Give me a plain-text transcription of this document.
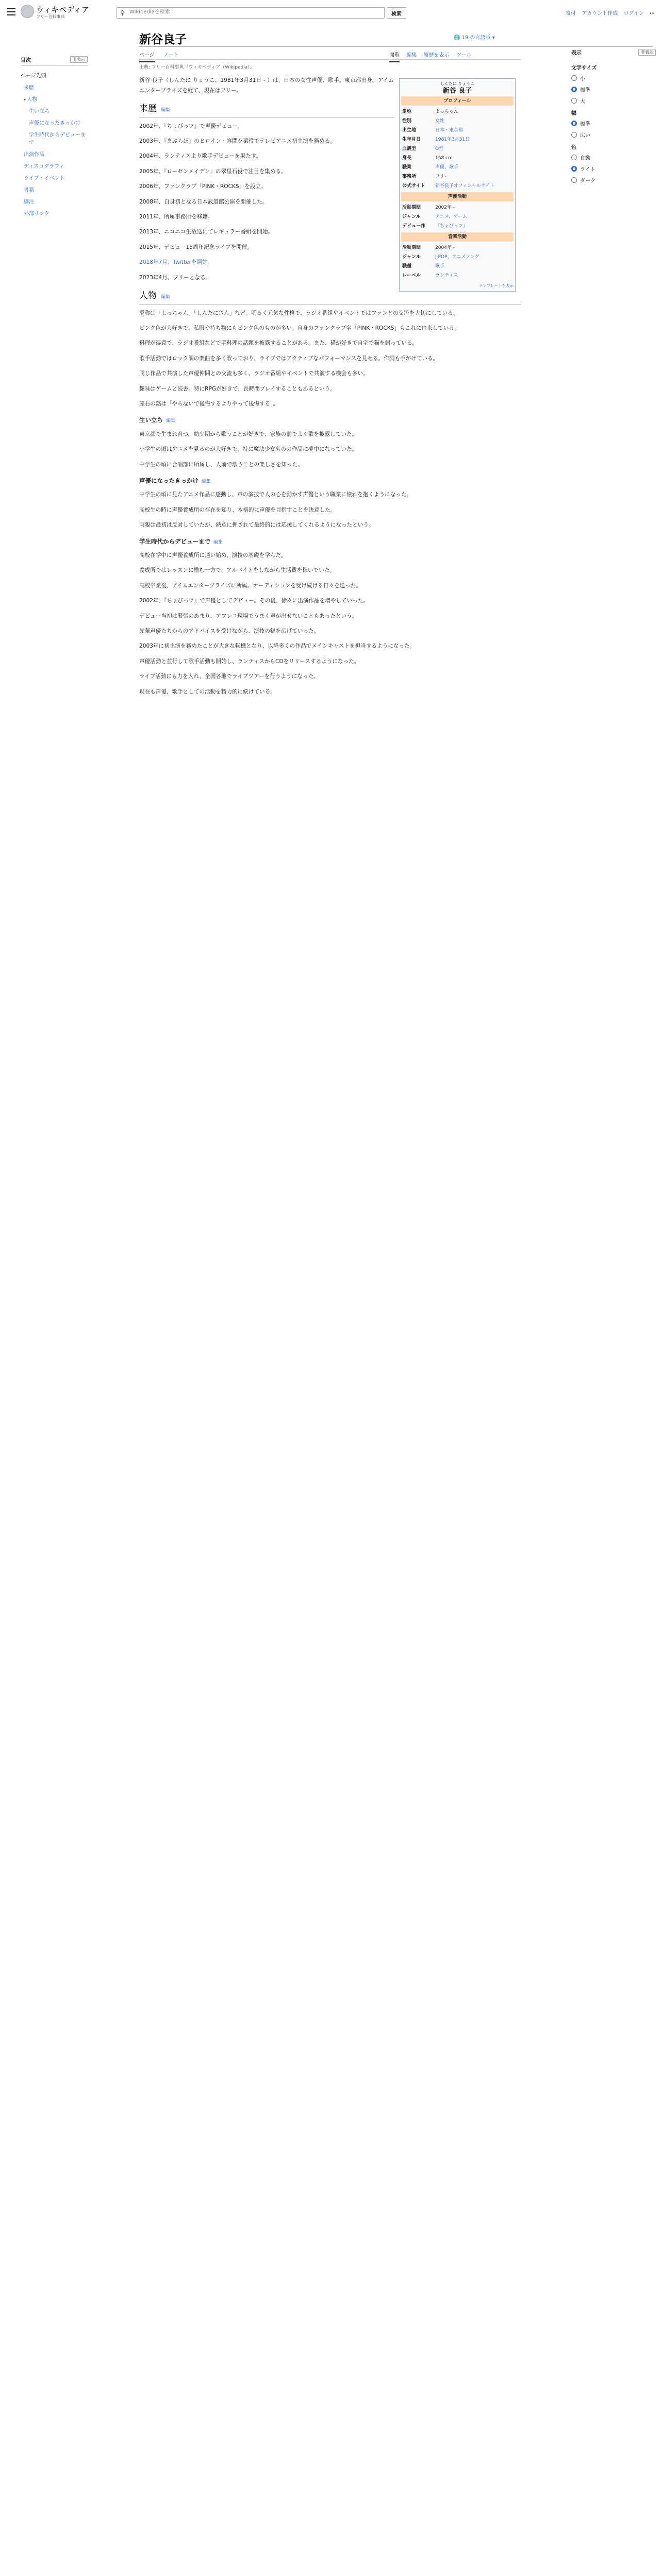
ウィキペディア
フリー百科事典
⚲
Wikipediaを検索	検索	寄付 アカウント作成 ログイン ⋯
目次	非表示
ページ先頭
来歴
▾ 人物
生い立ち
声優になったきっかけ
学生時代からデビューまで
出演作品
ディスコグラフィ
ライブ・イベント
書籍
脚注
外部リンク
新谷良子	🌐 19 の言語版 ▾
ページ ノート	閲覧 編集 履歴を表示 ツール	表示	非表示
文字サイズ
小
標準
大
幅
標準
広い
色
自動
ライト
ダーク
しんたに りょうこ
新谷 良子
プロフィール
愛称	よっちゃん
性別	女性
出生地	日本・東京都
生年月日	1981年3月31日
血液型	O型
身長	158 cm
職業	声優、歌手
事務所	フリー
公式サイト	新谷良子オフィシャルサイト
声優活動
活動期間	2002年 -
ジャンル	アニメ、ゲーム
デビュー作	『ちょびっツ』
音楽活動
活動期間	2004年 -
ジャンル	J-POP、アニメソング
職種	歌手
レーベル	ランティス
テンプレートを表示
出典: フリー百科事典『ウィキペディア（Wikipedia）』

新谷 良子（しんたに りょうこ、1981年3月31日 - ）は、日本の女性声優、歌手。東京都出身。アイムエンタープライズを経て、現在はフリー。

来歴 編集

2002年、『ちょびっツ』で声優デビュー。

2003年、『まぶらほ』のヒロイン・宮間夕菜役でテレビアニメ初主演を務める。

2004年、ランティスより歌手デビューを果たす。

2005年、『ローゼンメイデン』の翠星石役で注目を集める。

2006年、ファンクラブ「PINK・ROCKS」を設立。

2008年、自身初となる日本武道館公演を開催した。

2011年、所属事務所を移籍。

2013年、ニコニコ生放送にてレギュラー番組を開始。

2015年、デビュー15周年記念ライブを開催。

2018年7月、Twitterを開始。

2023年4月、フリーとなる。

人物 編集

愛称は「よっちゃん」「しんたにさん」など。明るく元気な性格で、ラジオ番組やイベントではファンとの交流を大切にしている。

ピンク色が大好きで、私服や持ち物にもピンク色のものが多い。自身のファンクラブ名「PINK・ROCKS」もこれに由来している。

料理が得意で、ラジオ番組などで手料理の話題を披露することがある。また、猫が好きで自宅で猫を飼っている。

歌手活動ではロック調の楽曲を多く歌っており、ライブではアクティブなパフォーマンスを見せる。作詞も手がけている。

同じ作品で共演した声優仲間との交流も多く、ラジオ番組やイベントで共演する機会も多い。

趣味はゲームと読書。特にRPGが好きで、長時間プレイすることもあるという。

座右の銘は「やらないで後悔するよりやって後悔する」。

生い立ち 編集

東京都で生まれ育つ。幼少期から歌うことが好きで、家族の前でよく歌を披露していた。

小学生の頃はアニメを見るのが大好きで、特に魔法少女ものの作品に夢中になっていた。

中学生の頃に合唱部に所属し、人前で歌うことの楽しさを知った。

声優になったきっかけ 編集

中学生の頃に見たアニメ作品に感動し、声の演技で人の心を動かす声優という職業に憧れを抱くようになった。

高校生の時に声優養成所の存在を知り、本格的に声優を目指すことを決意した。

両親は最初は反対していたが、熱意に押されて最終的には応援してくれるようになったという。

学生時代からデビューまで 編集

高校在学中に声優養成所に通い始め、演技の基礎を学んだ。

養成所ではレッスンに励む一方で、アルバイトをしながら生活費を稼いでいた。

高校卒業後、アイムエンタープライズに所属。オーディションを受け続ける日々を送った。

2002年、『ちょびっツ』で声優としてデビュー。その後、徐々に出演作品を増やしていった。

デビュー当初は緊張のあまり、アフレコ現場でうまく声が出せないこともあったという。

先輩声優たちからのアドバイスを受けながら、演技の幅を広げていった。

2003年に初主演を務めたことが大きな転機となり、以降多くの作品でメインキャストを担当するようになった。

声優活動と並行して歌手活動も開始し、ランティスからCDをリリースするようになった。

ライブ活動にも力を入れ、全国各地でライブツアーを行うようになった。

現在も声優、歌手としての活動を精力的に続けている。
